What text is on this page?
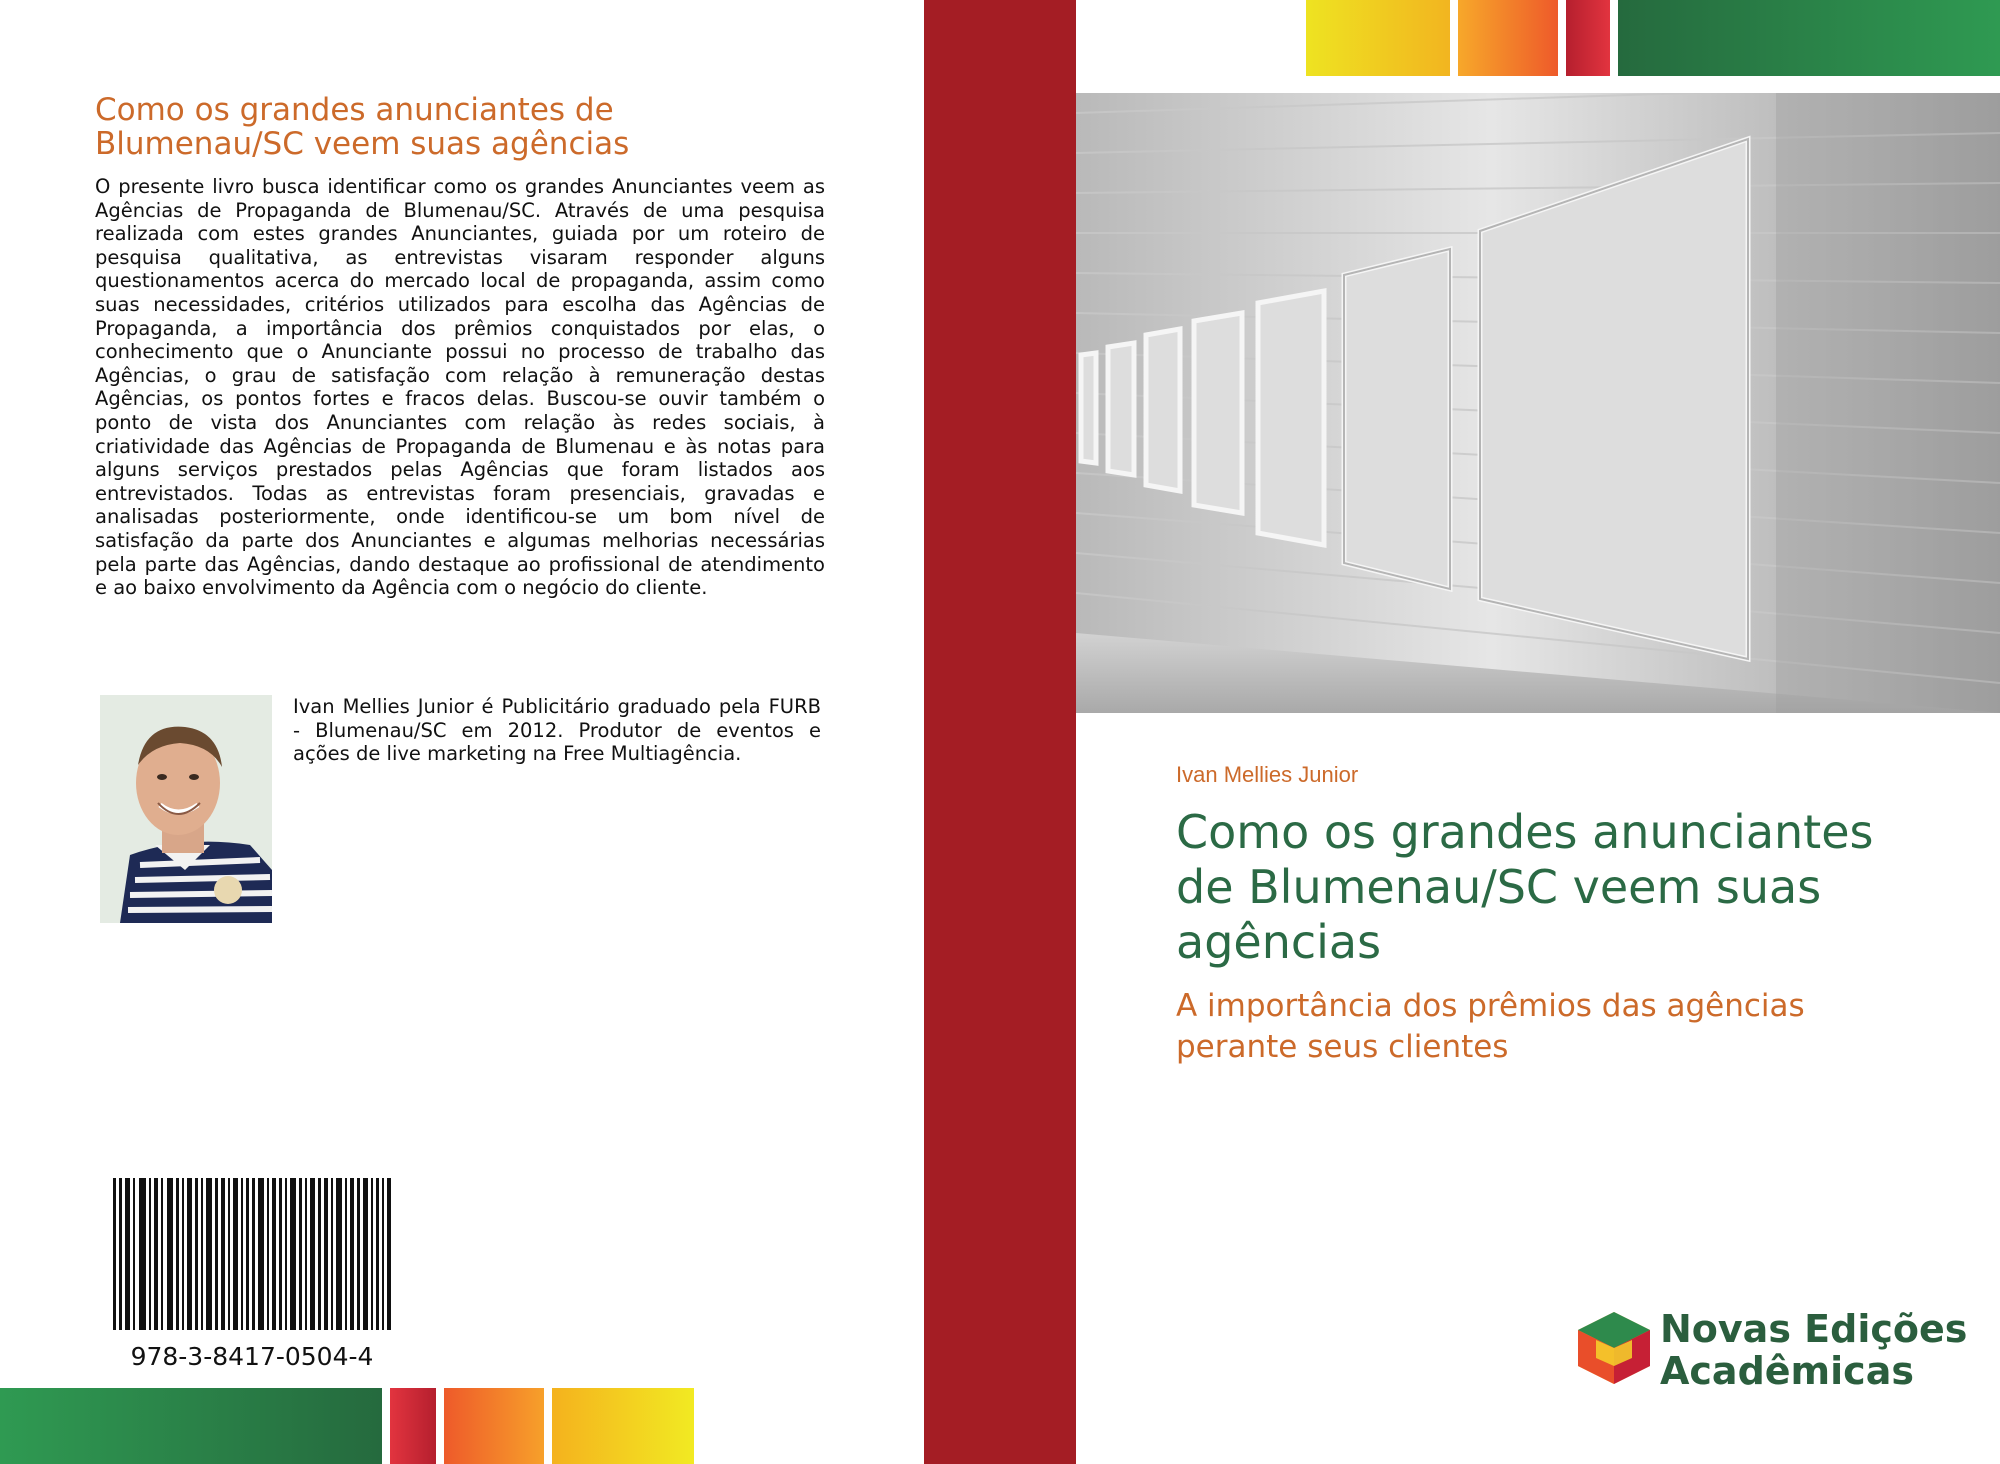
Como os grandes anunciantes de
Blumenau/SC veem suas agências
O presente livro busca identificar como os grandes Anunciantes veem as Agências de Propaganda de Blumenau/SC. Através de uma pesquisa realizada com estes grandes Anunciantes, guiada por um roteiro de pesquisa qualitativa, as entrevistas visaram responder alguns questionamentos acerca do mercado local de propaganda, assim como suas necessidades, critérios utilizados para escolha das Agências de Propaganda, a importância dos prêmios conquistados por elas, o conhecimento que o Anunciante possui no processo de trabalho das Agências, o grau de satisfação com relação à remuneração destas Agências, os pontos fortes e fracos delas. Buscou-se ouvir também o ponto de vista dos Anunciantes com relação às redes sociais, à criatividade das Agências de Propaganda de Blumenau e às notas para alguns serviços prestados pelas Agências que foram listados aos entrevistados. Todas as entrevistas foram presenciais, gravadas e analisadas posteriormente, onde identificou-se um bom nível de satisfação da parte dos Anunciantes e algumas melhorias necessárias pela parte das Agências, dando destaque ao profissional de atendimento e ao baixo envolvimento da Agência com o negócio do cliente.
Ivan Mellies Junior é Publicitário graduado pela FURB - Blumenau/SC em 2012. Produtor de eventos e ações de live marketing na Free Multiagência.
978-3-8417-0504-4
Ivan Mellies Junior
Como os grandes anunciantes de Blumenau/SC veem suas agências
A importância dos prêmios das agências perante seus clientes
Novas Edições
Acadêmicas
